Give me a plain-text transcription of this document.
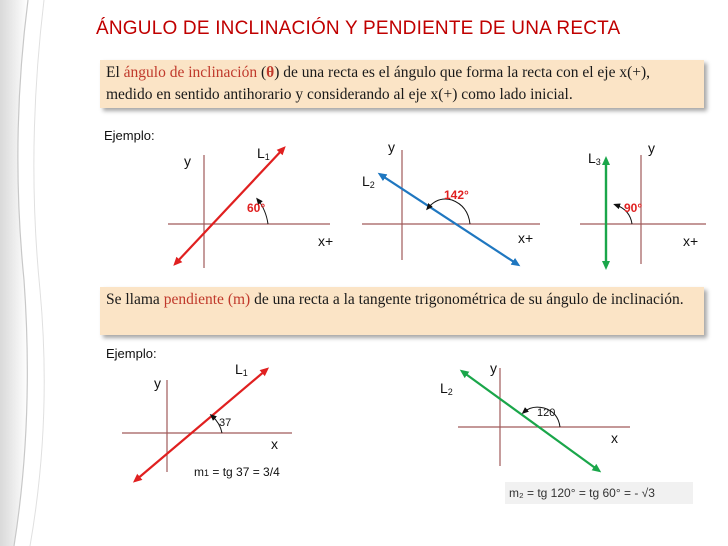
ÁNGULO DE INCLINACIÓN Y PENDIENTE DE UNA RECTA
El ángulo de inclinación (θ) de una recta es el ángulo que forma la recta con el eje x(+), medido en sentido antihorario y considerando al eje x(+) como lado inicial.
Ejemplo:
y	L1
60°
x+
y
L2
142°
x+
y
L3
90°
x+
y
L1
37
x
m1 = tg 37 = 3/4
y
L2
120
x
Se llama pendiente (m) de una recta a la tangente trigonométrica de su ángulo de inclinación.
Ejemplo:
m₂ = tg 120° = tg 60° = - √3
